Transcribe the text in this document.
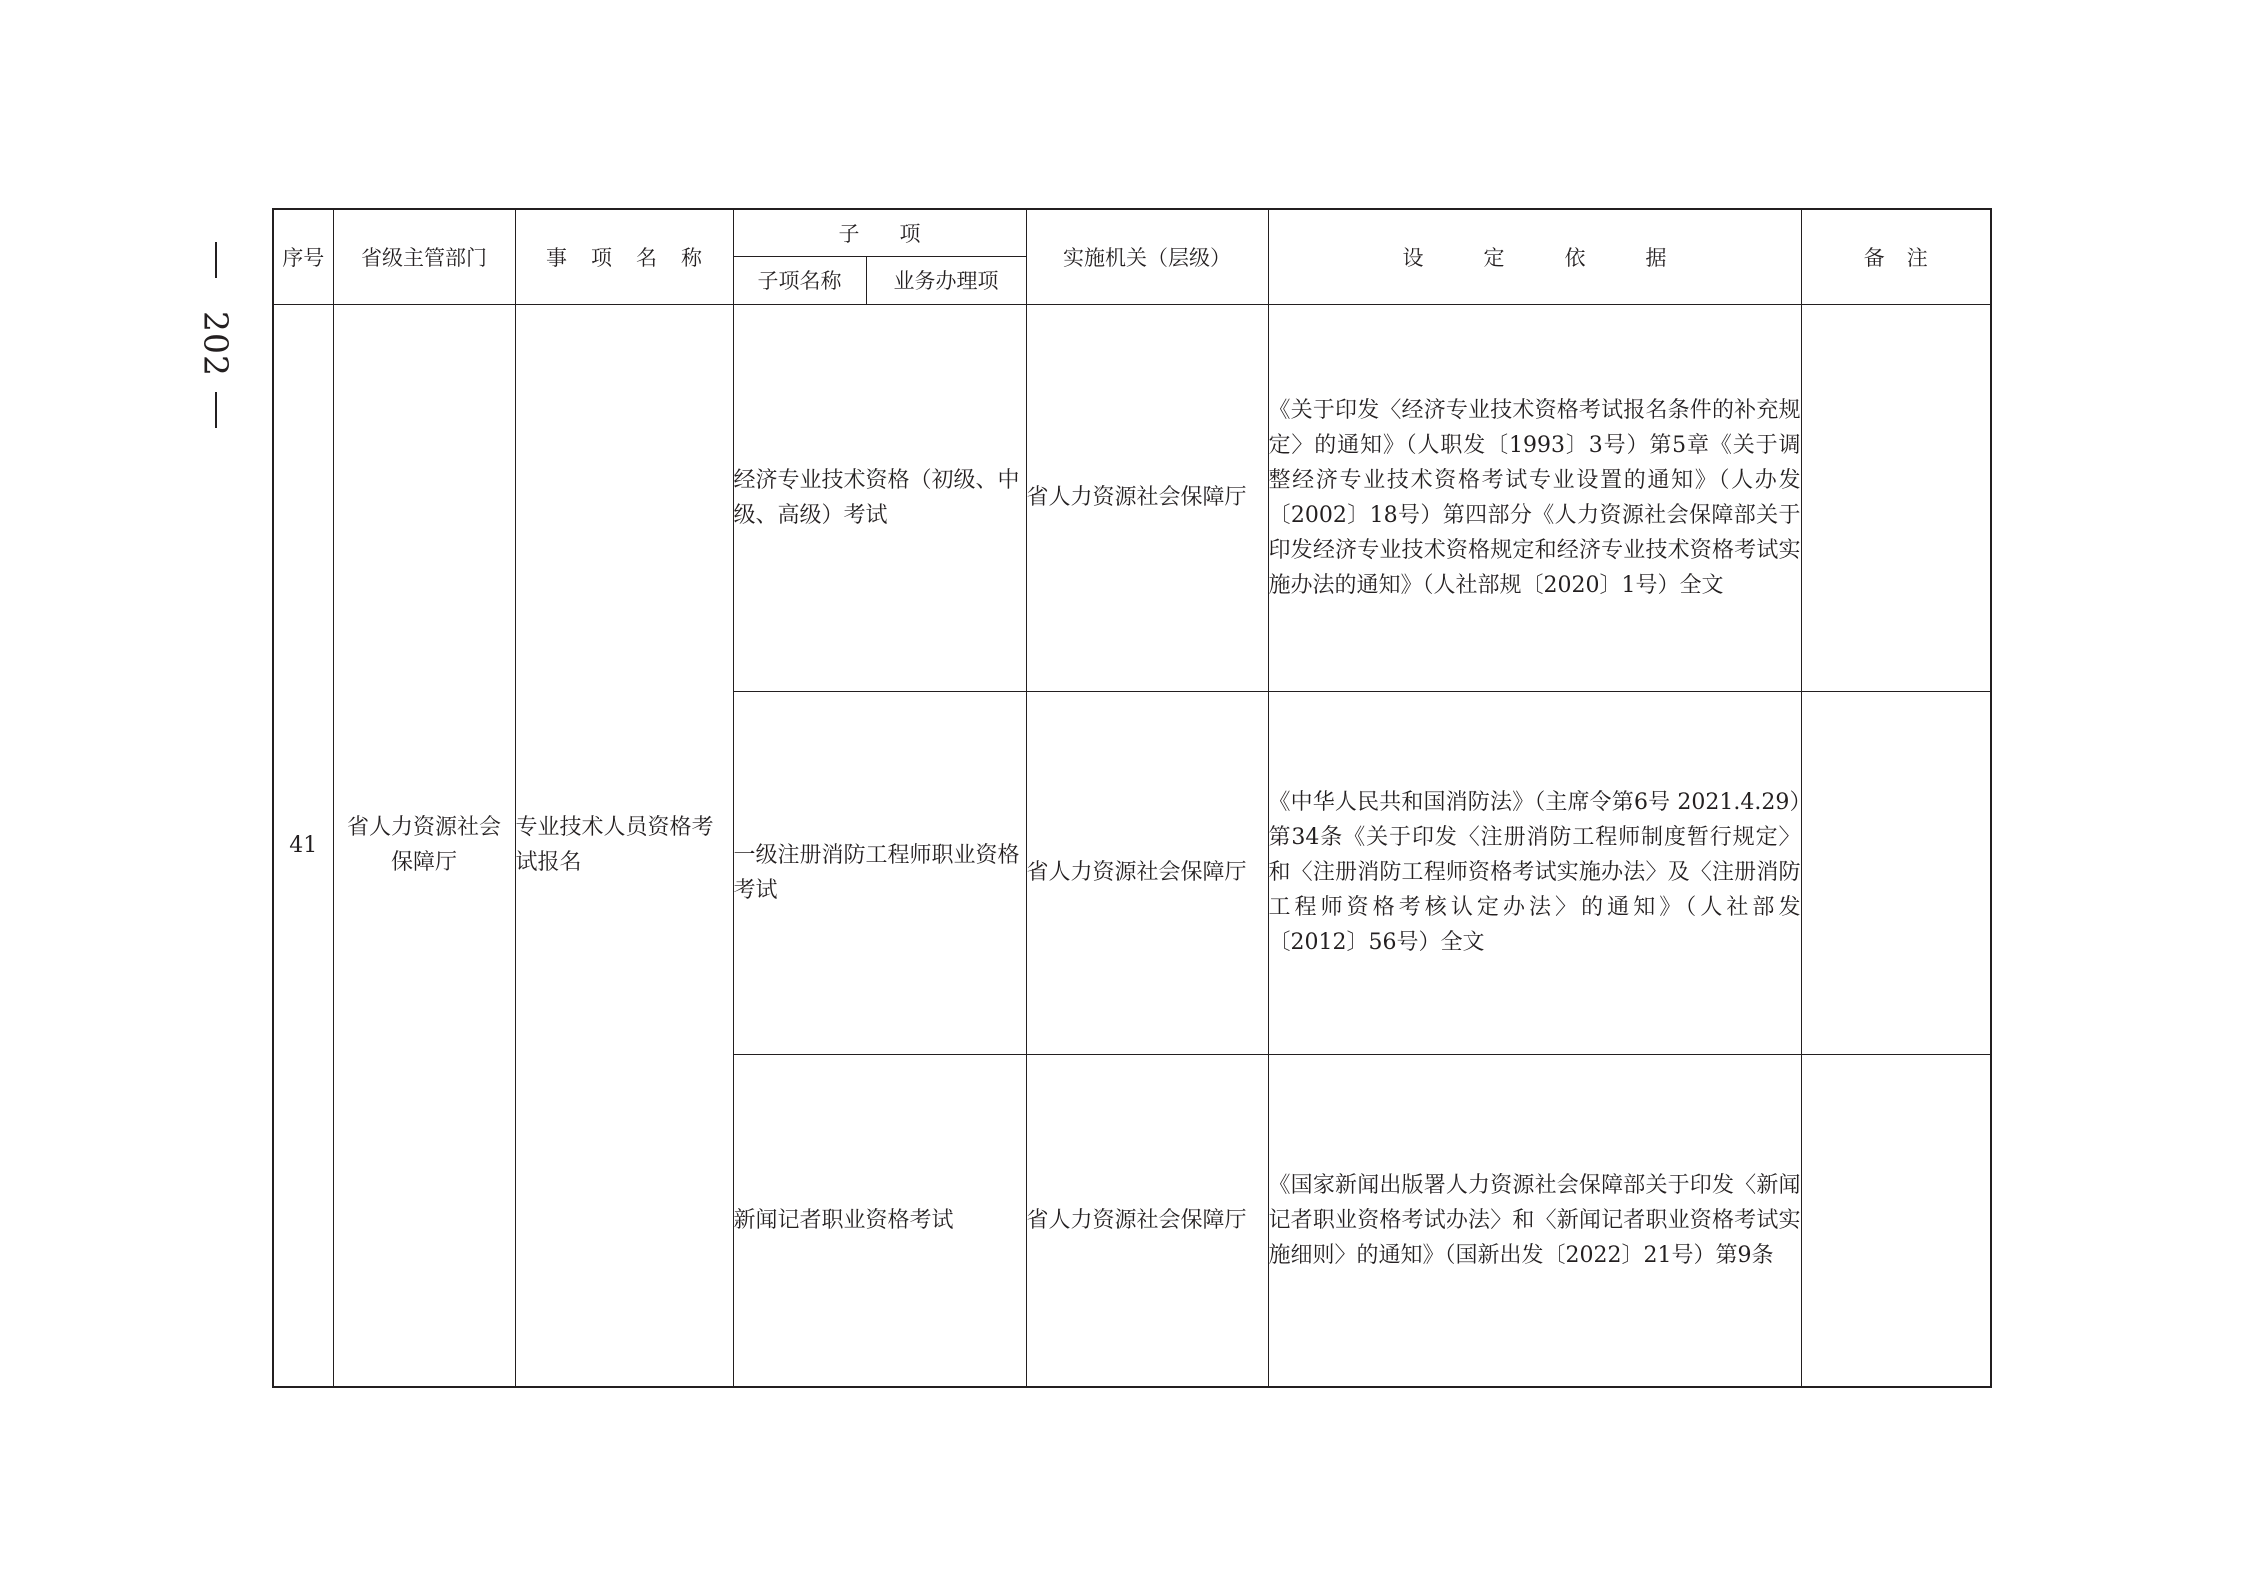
202
序号	省级主管部门	事项名称	子项		实施机关（层级）	设定依据	备注
			子项名称	业务办理项			
41	省人力资源社会保障厅	专业技术人员资格考试报名	经济专业技术资格（初级、中级、高级）考试		省人力资源社会保障厅	《关于印发〈经济专业技术资格考试报名条件的补充规定〉的通知》（人职发〔1993〕3号）第5章《关于调整经济专业技术资格考试专业设置的通知》（人办发〔2002〕18号）第四部分《人力资源社会保障部关于印发经济专业技术资格规定和经济专业技术资格考试实施办法的通知》（人社部规〔2020〕1号）全文	
			一级注册消防工程师职业资格考试		省人力资源社会保障厅	《中华人民共和国消防法》（主席令第6号 2021.4.29）第34条《关于印发〈注册消防工程师制度暂行规定〉和〈注册消防工程师资格考试实施办法〉及〈注册消防工程师资格考核认定办法〉的通知》（人社部发〔2012〕56号）全文	
			新闻记者职业资格考试		省人力资源社会保障厅	《国家新闻出版署人力资源社会保障部关于印发〈新闻记者职业资格考试办法〉和〈新闻记者职业资格考试实施细则〉的通知》（国新出发〔2022〕21号）第9条	
